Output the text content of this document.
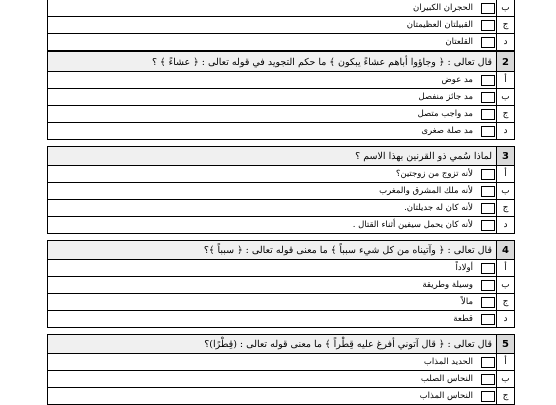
ب
الحجران الكبيران
ج
القبيلتان العظيمتان
د
القلعتان
2
قال تعالى : ﴿ وجاؤوا أباهم عشاءً يبكون ﴾ ما حكم التجويد في قوله تعالى : ﴿ عشاءً ﴾ ؟
أ
مد عوض
ب
مد جائز منفصل
ج
مد واجب متصل
د
مد صلة صغرى
3
لماذا سُمي ذو القرنين بهذا الاسم ؟
أ
لأنه تزوج من زوجتين؟
ب
لأنه ملك المشرق والمغرب
ج
لأنه كان له جديلتان.
د
لأنه كان يحمل سيفين أثناء القتال .
4
قال تعالى : ﴿ وآتيناه من كل شيء سبباً ﴾ ما معنى قوله تعالى : ﴿ سبباً ﴾؟
أ
أولاداً
ب
وسيلة وطريقة
ج
مالاً
د
قطعة
5
قال تعالى : ﴿ قال آتوني أفرغ عليه قِطْراً ﴾ ما معنى قوله تعالى : (قِطْرًا)؟
أ
الحديد المذاب
ب
النحاس الصلب
ج
النحاس المذاب
